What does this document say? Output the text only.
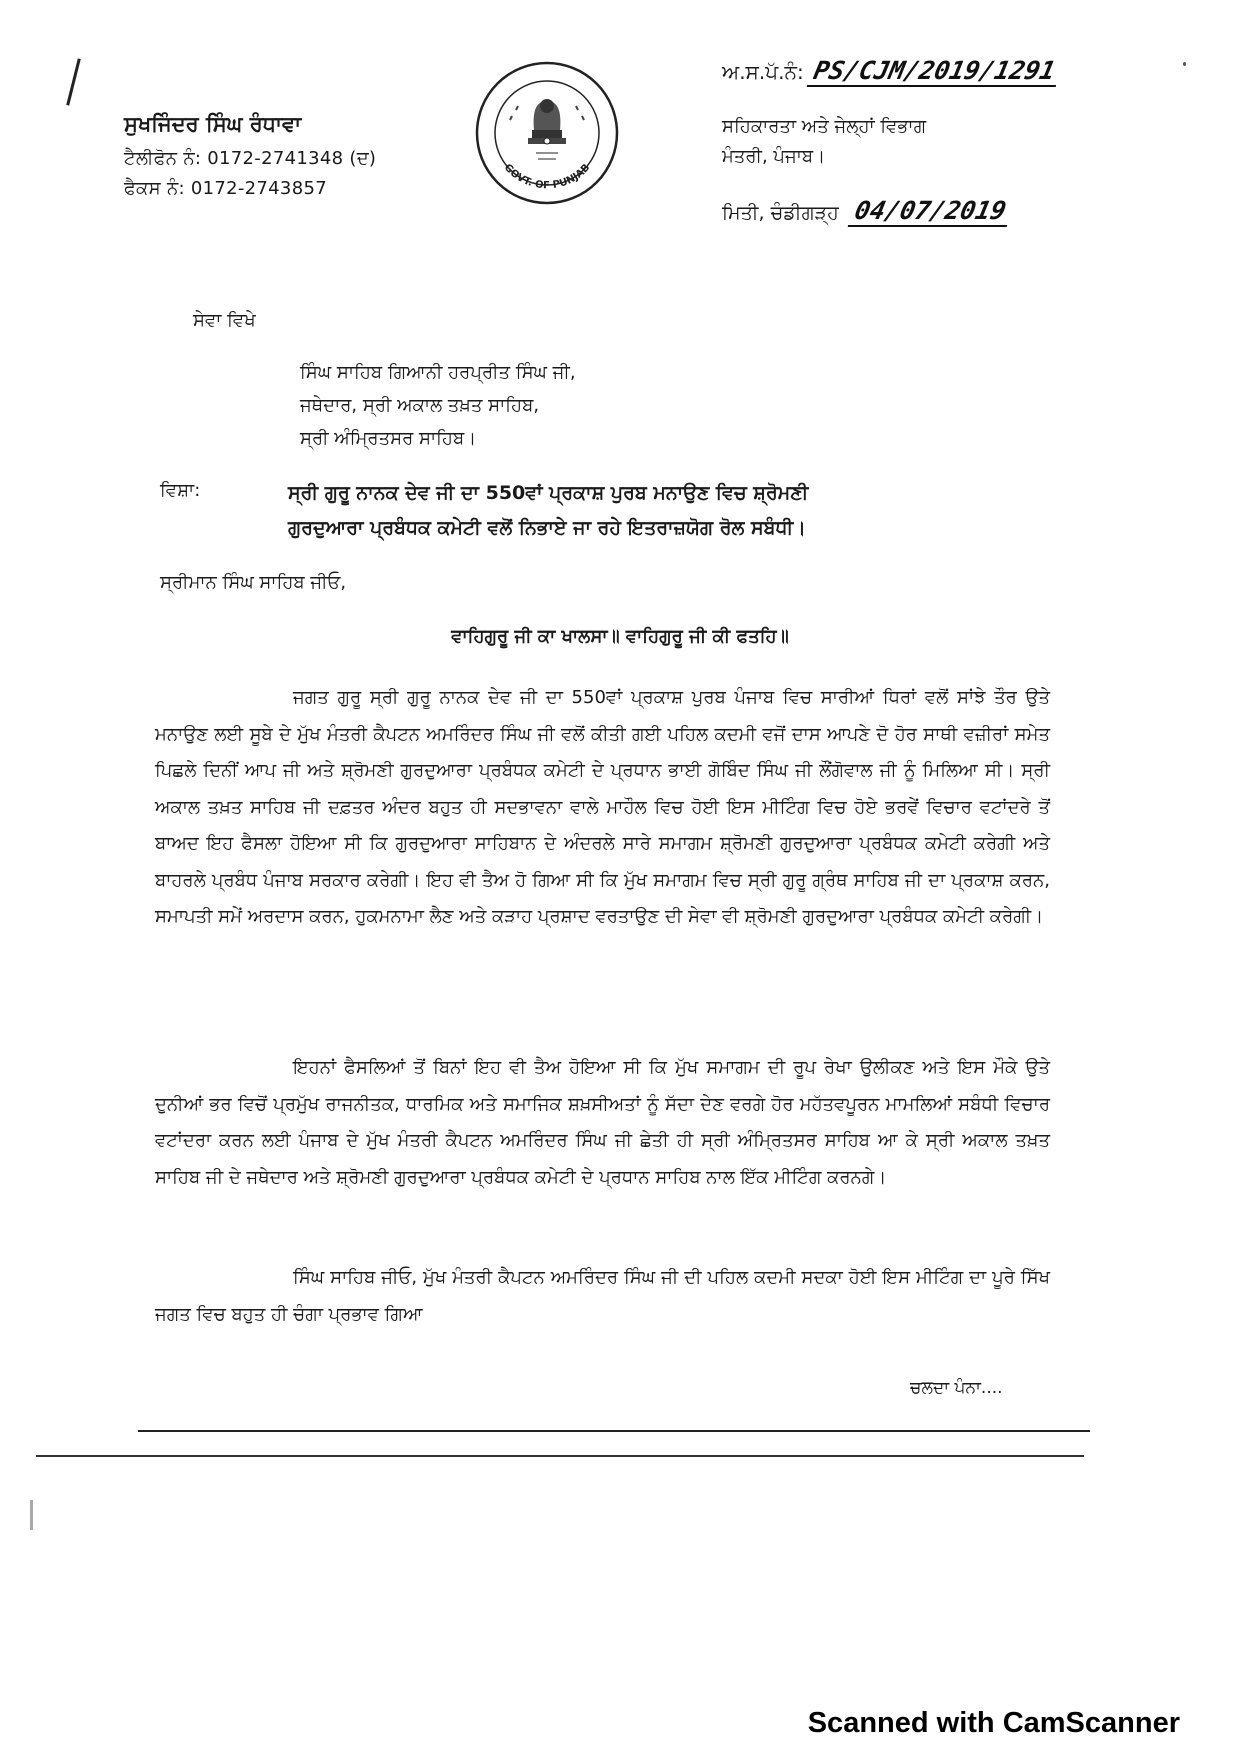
ਸੁਖਜਿੰਦਰ ਸਿੰਘ ਰੰਧਾਵਾ
ਟੈਲੀਫੋਨ ਨੰ: 0172-2741348 (ਦ)
ਫੈਕਸ ਨੰ: 0172-2743857
GOVT. OF PUNJAB
ਅ.ਸ.ਪੱ.ਨੰ: PS/CJM/2019/1291
ਸਹਿਕਾਰਤਾ ਅਤੇ ਜੇਲ੍ਹਾਂ ਵਿਭਾਗ
ਮੰਤਰੀ, ਪੰਜਾਬ।
ਮਿਤੀ, ਚੰਡੀਗੜ੍ਹ 04/07/2019
ਸੇਵਾ ਵਿਖੇ
ਸਿੰਘ ਸਾਹਿਬ ਗਿਆਨੀ ਹਰਪ੍ਰੀਤ ਸਿੰਘ ਜੀ,
ਜਥੇਦਾਰ, ਸ੍ਰੀ ਅਕਾਲ ਤਖ਼ਤ ਸਾਹਿਬ,
ਸ੍ਰੀ ਅੰਮ੍ਰਿਤਸਰ ਸਾਹਿਬ।
ਵਿਸ਼ਾ:	ਸ੍ਰੀ ਗੁਰੂ ਨਾਨਕ ਦੇਵ ਜੀ ਦਾ 550ਵਾਂ ਪ੍ਰਕਾਸ਼ ਪੁਰਬ ਮਨਾਉਣ ਵਿਚ ਸ਼੍ਰੋਮਣੀ
ਗੁਰਦੁਆਰਾ ਪ੍ਰਬੰਧਕ ਕਮੇਟੀ ਵਲੋਂ ਨਿਭਾਏ ਜਾ ਰਹੇ ਇਤਰਾਜ਼ਯੋਗ ਰੋਲ ਸਬੰਧੀ।
ਸ੍ਰੀਮਾਨ ਸਿੰਘ ਸਾਹਿਬ ਜੀਓ,
ਵਾਹਿਗੁਰੂ ਜੀ ਕਾ ਖਾਲਸਾ॥ ਵਾਹਿਗੁਰੂ ਜੀ ਕੀ ਫਤਹਿ॥
ਜਗਤ ਗੁਰੂ ਸ੍ਰੀ ਗੁਰੂ ਨਾਨਕ ਦੇਵ ਜੀ ਦਾ 550ਵਾਂ ਪ੍ਰਕਾਸ਼ ਪੁਰਬ ਪੰਜਾਬ ਵਿਚ ਸਾਰੀਆਂ ਧਿਰਾਂ ਵਲੋਂ ਸਾਂਝੇ ਤੌਰ ਉਤੇ ਮਨਾਉਣ ਲਈ ਸੂਬੇ ਦੇ ਮੁੱਖ ਮੰਤਰੀ ਕੈਪਟਨ ਅਮਰਿੰਦਰ ਸਿੰਘ ਜੀ ਵਲੋਂ ਕੀਤੀ ਗਈ ਪਹਿਲ ਕਦਮੀ ਵਜੋਂ ਦਾਸ ਆਪਣੇ ਦੋ ਹੋਰ ਸਾਥੀ ਵਜ਼ੀਰਾਂ ਸਮੇਤ ਪਿਛਲੇ ਦਿਨੀਂ ਆਪ ਜੀ ਅਤੇ ਸ਼੍ਰੋਮਣੀ ਗੁਰਦੁਆਰਾ ਪ੍ਰਬੰਧਕ ਕਮੇਟੀ ਦੇ ਪ੍ਰਧਾਨ ਭਾਈ ਗੋਬਿੰਦ ਸਿੰਘ ਜੀ ਲੌਂਗੋਵਾਲ ਜੀ ਨੂੰ ਮਿਲਿਆ ਸੀ। ਸ੍ਰੀ ਅਕਾਲ ਤਖ਼ਤ ਸਾਹਿਬ ਜੀ ਦਫ਼ਤਰ ਅੰਦਰ ਬਹੁਤ ਹੀ ਸਦਭਾਵਨਾ ਵਾਲੇ ਮਾਹੌਲ ਵਿਚ ਹੋਈ ਇਸ ਮੀਟਿੰਗ ਵਿਚ ਹੋਏ ਭਰਵੇਂ ਵਿਚਾਰ ਵਟਾਂਦਰੇ ਤੋਂ ਬਾਅਦ ਇਹ ਫੈਸਲਾ ਹੋਇਆ ਸੀ ਕਿ ਗੁਰਦੁਆਰਾ ਸਾਹਿਬਾਨ ਦੇ ਅੰਦਰਲੇ ਸਾਰੇ ਸਮਾਗਮ ਸ਼੍ਰੋਮਣੀ ਗੁਰਦੁਆਰਾ ਪ੍ਰਬੰਧਕ ਕਮੇਟੀ ਕਰੇਗੀ ਅਤੇ ਬਾਹਰਲੇ ਪ੍ਰਬੰਧ ਪੰਜਾਬ ਸਰਕਾਰ ਕਰੇਗੀ। ਇਹ ਵੀ ਤੈਅ ਹੋ ਗਿਆ ਸੀ ਕਿ ਮੁੱਖ ਸਮਾਗਮ ਵਿਚ ਸ੍ਰੀ ਗੁਰੂ ਗ੍ਰੰਥ ਸਾਹਿਬ ਜੀ ਦਾ ਪ੍ਰਕਾਸ਼ ਕਰਨ, ਸਮਾਪਤੀ ਸਮੇਂ ਅਰਦਾਸ ਕਰਨ, ਹੁਕਮਨਾਮਾ ਲੈਣ ਅਤੇ ਕੜਾਹ ਪ੍ਰਸ਼ਾਦ ਵਰਤਾਉਣ ਦੀ ਸੇਵਾ ਵੀ ਸ਼੍ਰੋਮਣੀ ਗੁਰਦੁਆਰਾ ਪ੍ਰਬੰਧਕ ਕਮੇਟੀ ਕਰੇਗੀ।
ਇਹਨਾਂ ਫੈਸਲਿਆਂ ਤੋਂ ਬਿਨਾਂ ਇਹ ਵੀ ਤੈਅ ਹੋਇਆ ਸੀ ਕਿ ਮੁੱਖ ਸਮਾਗਮ ਦੀ ਰੂਪ ਰੇਖਾ ਉਲੀਕਣ ਅਤੇ ਇਸ ਮੌਕੇ ਉਤੇ ਦੁਨੀਆਂ ਭਰ ਵਿਚੋਂ ਪ੍ਰਮੁੱਖ ਰਾਜਨੀਤਕ, ਧਾਰਮਿਕ ਅਤੇ ਸਮਾਜਿਕ ਸ਼ਖ਼ਸੀਅਤਾਂ ਨੂੰ ਸੱਦਾ ਦੇਣ ਵਰਗੇ ਹੋਰ ਮਹੱਤਵਪੂਰਨ ਮਾਮਲਿਆਂ ਸਬੰਧੀ ਵਿਚਾਰ ਵਟਾਂਦਰਾ ਕਰਨ ਲਈ ਪੰਜਾਬ ਦੇ ਮੁੱਖ ਮੰਤਰੀ ਕੈਪਟਨ ਅਮਰਿੰਦਰ ਸਿੰਘ ਜੀ ਛੇਤੀ ਹੀ ਸ੍ਰੀ ਅੰਮ੍ਰਿਤਸਰ ਸਾਹਿਬ ਆ ਕੇ ਸ੍ਰੀ ਅਕਾਲ ਤਖ਼ਤ ਸਾਹਿਬ ਜੀ ਦੇ ਜਥੇਦਾਰ ਅਤੇ ਸ਼੍ਰੋਮਣੀ ਗੁਰਦੁਆਰਾ ਪ੍ਰਬੰਧਕ ਕਮੇਟੀ ਦੇ ਪ੍ਰਧਾਨ ਸਾਹਿਬ ਨਾਲ ਇੱਕ ਮੀਟਿੰਗ ਕਰਨਗੇ।
ਸਿੰਘ ਸਾਹਿਬ ਜੀਓ, ਮੁੱਖ ਮੰਤਰੀ ਕੈਪਟਨ ਅਮਰਿੰਦਰ ਸਿੰਘ ਜੀ ਦੀ ਪਹਿਲ ਕਦਮੀ ਸਦਕਾ ਹੋਈ ਇਸ ਮੀਟਿੰਗ ਦਾ ਪੂਰੇ ਸਿੱਖ ਜਗਤ ਵਿਚ ਬਹੁਤ ਹੀ ਚੰਗਾ ਪ੍ਰਭਾਵ ਗਿਆ
ਚਲਦਾ ਪੰਨਾ....
Scanned with CamScanner
